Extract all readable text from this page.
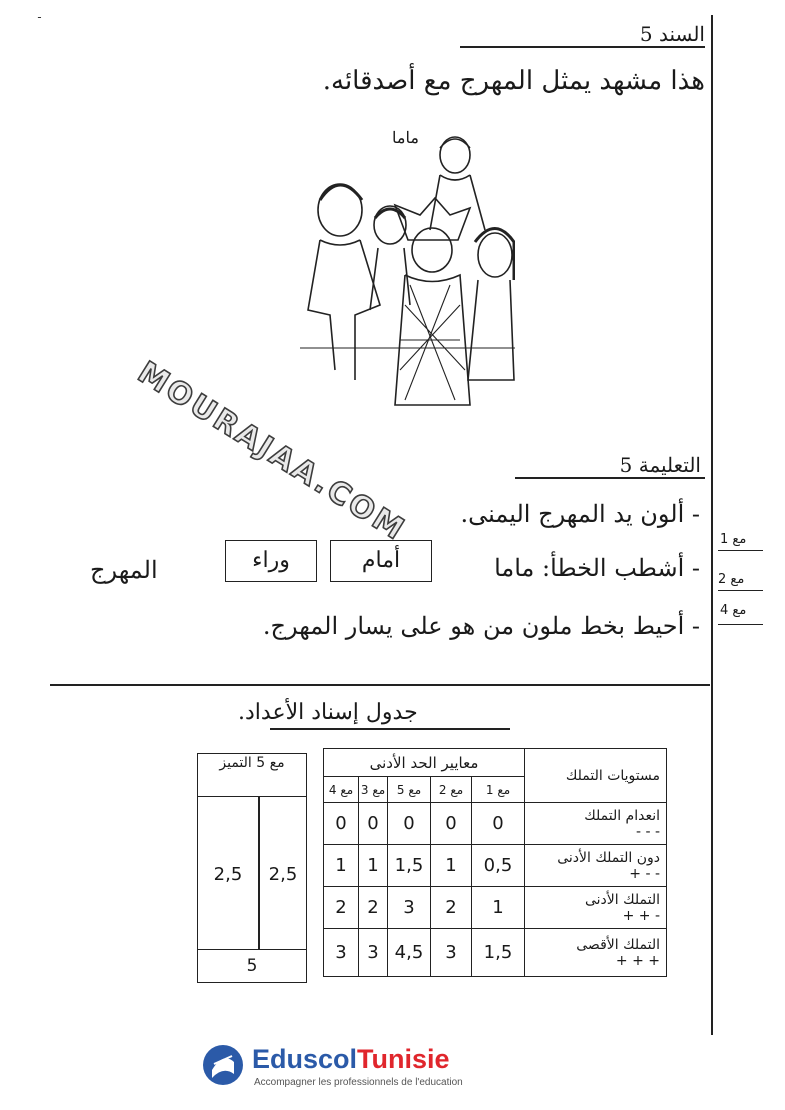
ـ
السند 5
هذا مشهد يمثل المهرج مع أصدقائه.
ماما
MOURAJAA.COM	التعليمة 5
- ألون يد المهرج اليمنى.
- أشطب الخطأ: ماما
أمام
وراء
المهرج
- أحيط بخط ملون من هو على يسار المهرج.
مع 1
مع 2
مع 4
جدول إسناد الأعداد.
مع 5 التميز
2,5	2,5
5
معايير الحد الأدنى					مستويات التملك
مع 4	مع 3	مع 5	مع 2	مع 1	
0	0	0	0	0	انعدام التملك
- - -

1	1	1,5	1	0,5	دون التملك الأدنى
+ - -

2	2	3	2	1	التملك الأدنى
+ + -

3	3	4,5	3	1,5	التملك الأقصى
+ + +
EduscolTunisie
Accompagner les professionnels de l'education
